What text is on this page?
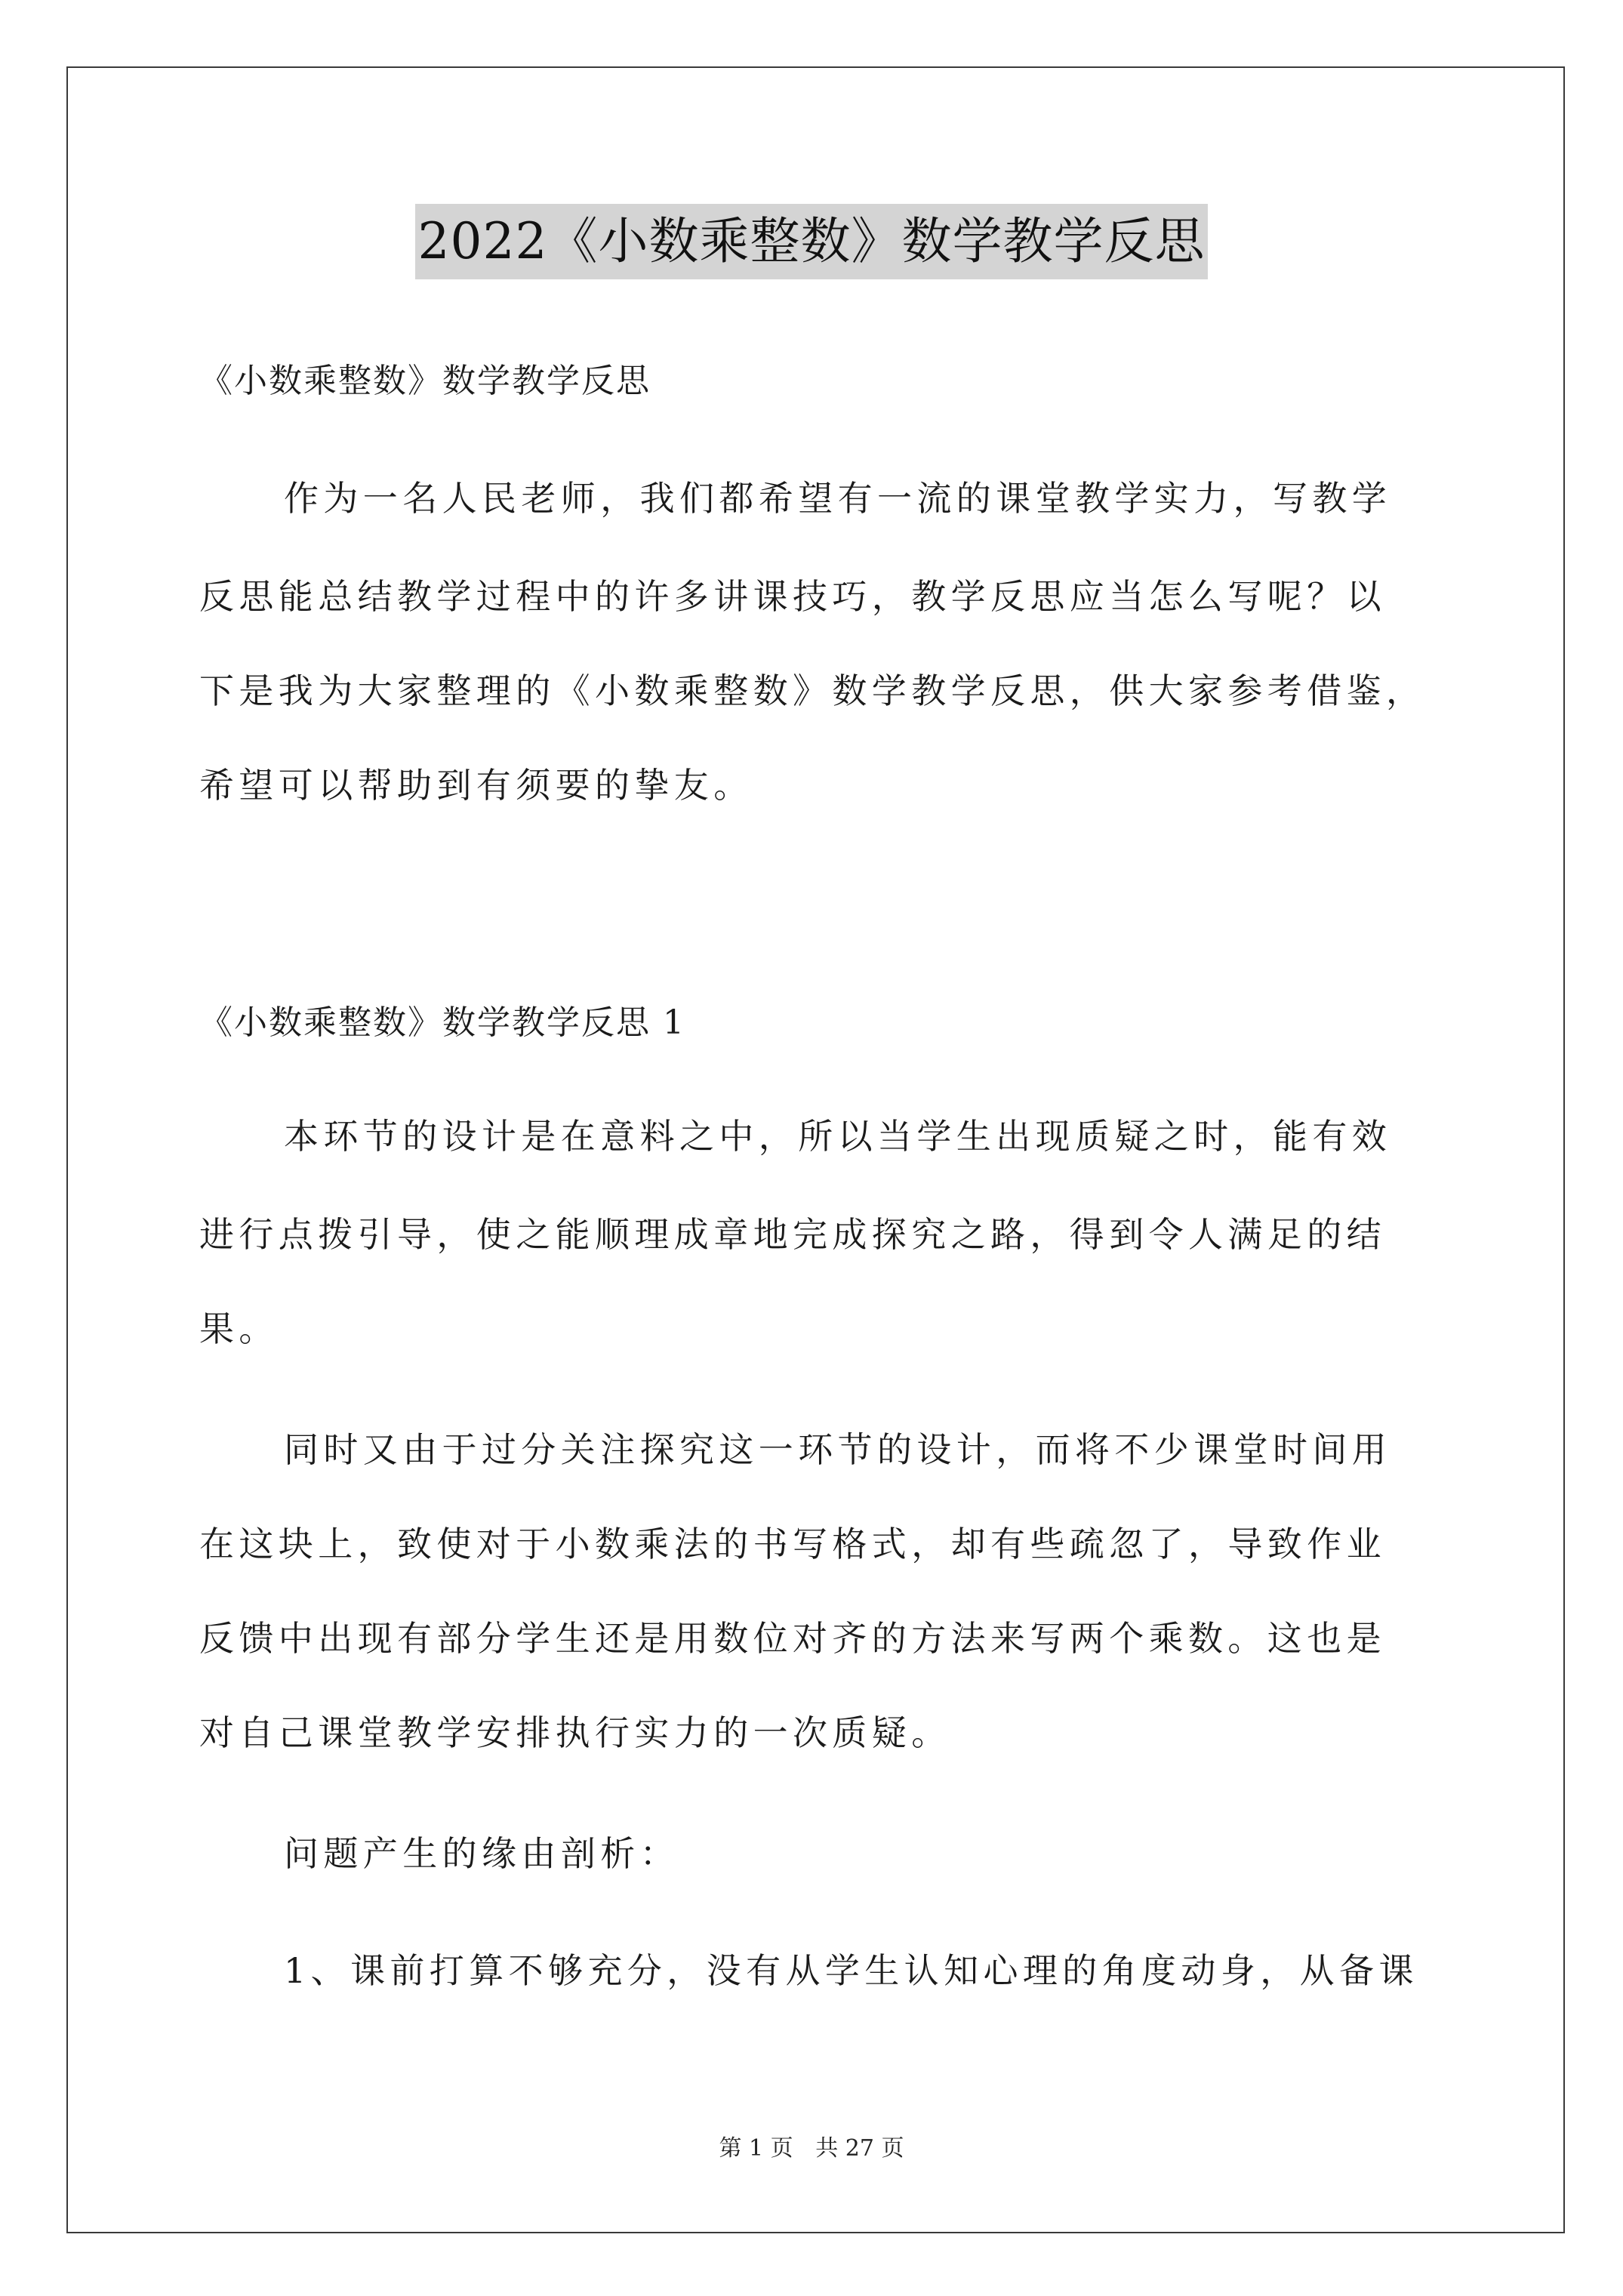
2022《小数乘整数》数学教学反思
《小数乘整数》数学教学反思
作为一名人民老师，我们都希望有一流的课堂教学实力，写教学
反思能总结教学过程中的许多讲课技巧，教学反思应当怎么写呢？以
下是我为大家整理的《小数乘整数》数学教学反思，供大家参考借鉴，
希望可以帮助到有须要的挚友。
《小数乘整数》数学教学反思 1
本环节的设计是在意料之中，所以当学生出现质疑之时，能有效
进行点拨引导，使之能顺理成章地完成探究之路，得到令人满足的结
果。
同时又由于过分关注探究这一环节的设计，而将不少课堂时间用
在这块上，致使对于小数乘法的书写格式，却有些疏忽了，导致作业
反馈中出现有部分学生还是用数位对齐的方法来写两个乘数。这也是
对自己课堂教学安排执行实力的一次质疑。
问题产生的缘由剖析：
1、课前打算不够充分，没有从学生认知心理的角度动身，从备课
第 1 页 共 27 页
